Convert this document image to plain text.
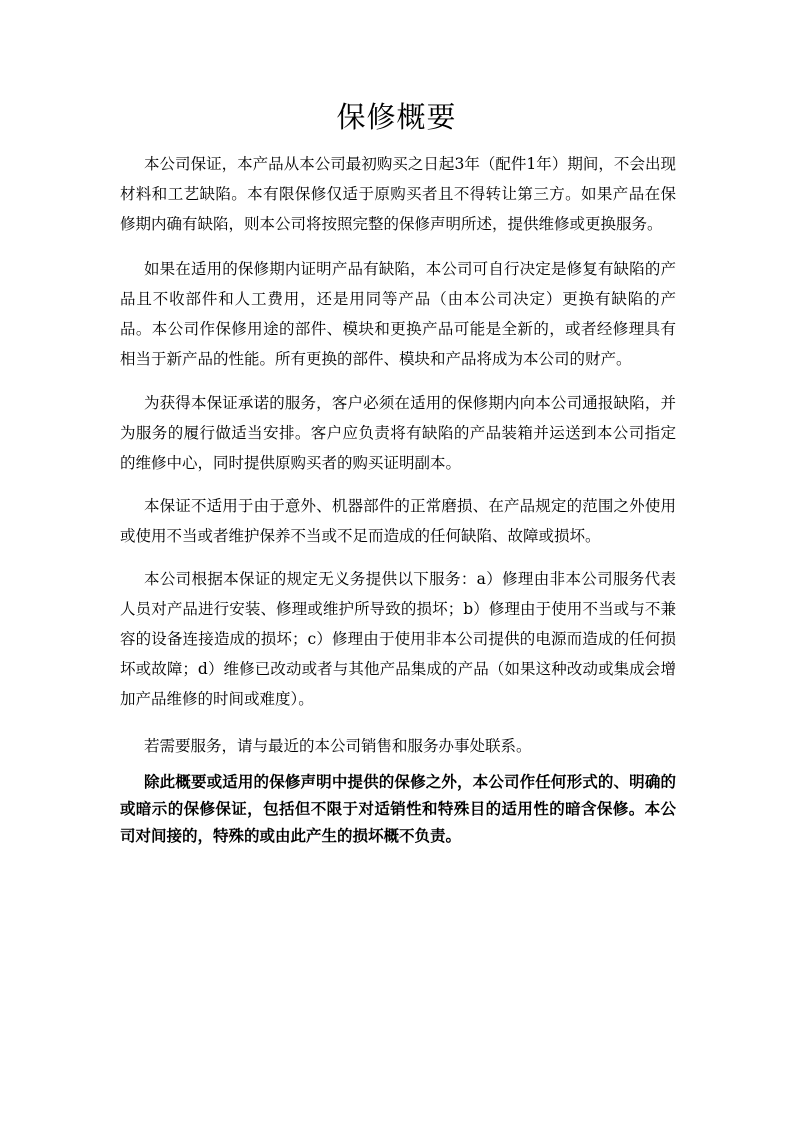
保修概要

本公司保证，本产品从本公司最初购买之日起3年（配件1年）期间，不会出现材料和工艺缺陷。本有限保修仅适于原购买者且不得转让第三方。如果产品在保修期内确有缺陷，则本公司将按照完整的保修声明所述，提供维修或更换服务。

如果在适用的保修期内证明产品有缺陷，本公司可自行决定是修复有缺陷的产品且不收部件和人工费用，还是用同等产品（由本公司决定）更换有缺陷的产品。本公司作保修用途的部件、模块和更换产品可能是全新的，或者经修理具有相当于新产品的性能。所有更换的部件、模块和产品将成为本公司的财产。

为获得本保证承诺的服务，客户必须在适用的保修期内向本公司通报缺陷，并为服务的履行做适当安排。客户应负责将有缺陷的产品装箱并运送到本公司指定的维修中心，同时提供原购买者的购买证明副本。

本保证不适用于由于意外、机器部件的正常磨损、在产品规定的范围之外使用或使用不当或者维护保养不当或不足而造成的任何缺陷、故障或损坏。

本公司根据本保证的规定无义务提供以下服务：a）修理由非本公司服务代表人员对产品进行安装、修理或维护所导致的损坏；b）修理由于使用不当或与不兼容的设备连接造成的损坏；c）修理由于使用非本公司提供的电源而造成的任何损坏或故障；d）维修已改动或者与其他产品集成的产品（如果这种改动或集成会增加产品维修的时间或难度）。

若需要服务，请与最近的本公司销售和服务办事处联系。

除此概要或适用的保修声明中提供的保修之外，本公司作任何形式的、明确的或暗示的保修保证，包括但不限于对适销性和特殊目的适用性的暗含保修。本公司对间接的，特殊的或由此产生的损坏概不负责。
